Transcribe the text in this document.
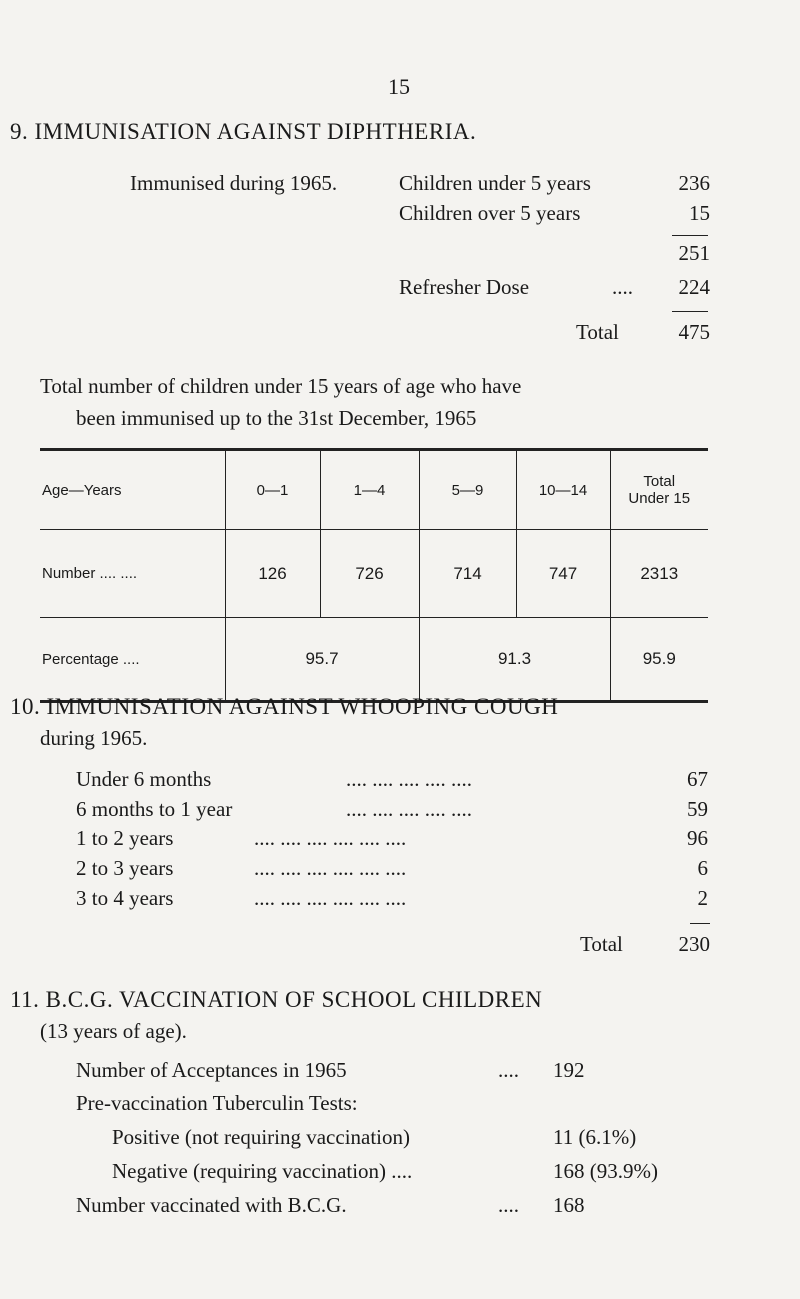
15
9. IMMUNISATION AGAINST DIPHTHERIA.
Immunised during 1965.	Children under 5 years	236
Children over 5 years	15
251
Refresher Dose	.... 224
Total	475
Total number of children under 15 years of age who have
been immunised up to the 31st December, 1965
Age—Years	0—1	1—4	5—9	10—14	Total
Under 15

Number .... ....	126	726	714	747	2313
Percentage ....	95.7		91.3		95.9
10. IMMUNISATION AGAINST WHOOPING COUGH
during 1965.
Under 6 months	.... .... .... .... ....	67
6 months to 1 year	.... .... .... .... ....	59
1 to 2 years	.... .... .... .... .... ....	96
2 to 3 years	.... .... .... .... .... ....	6
3 to 4 years	.... .... .... .... .... ....	2
Total	230
11. B.C.G. VACCINATION OF SCHOOL CHILDREN
(13 years of age).
Number of Acceptances in 1965	.... 192
Pre-vaccination Tuberculin Tests:
Positive (not requiring vaccination)	11 (6.1%)
Negative (requiring vaccination) ....	168 (93.9%)
Number vaccinated with B.C.G.	.... 168
